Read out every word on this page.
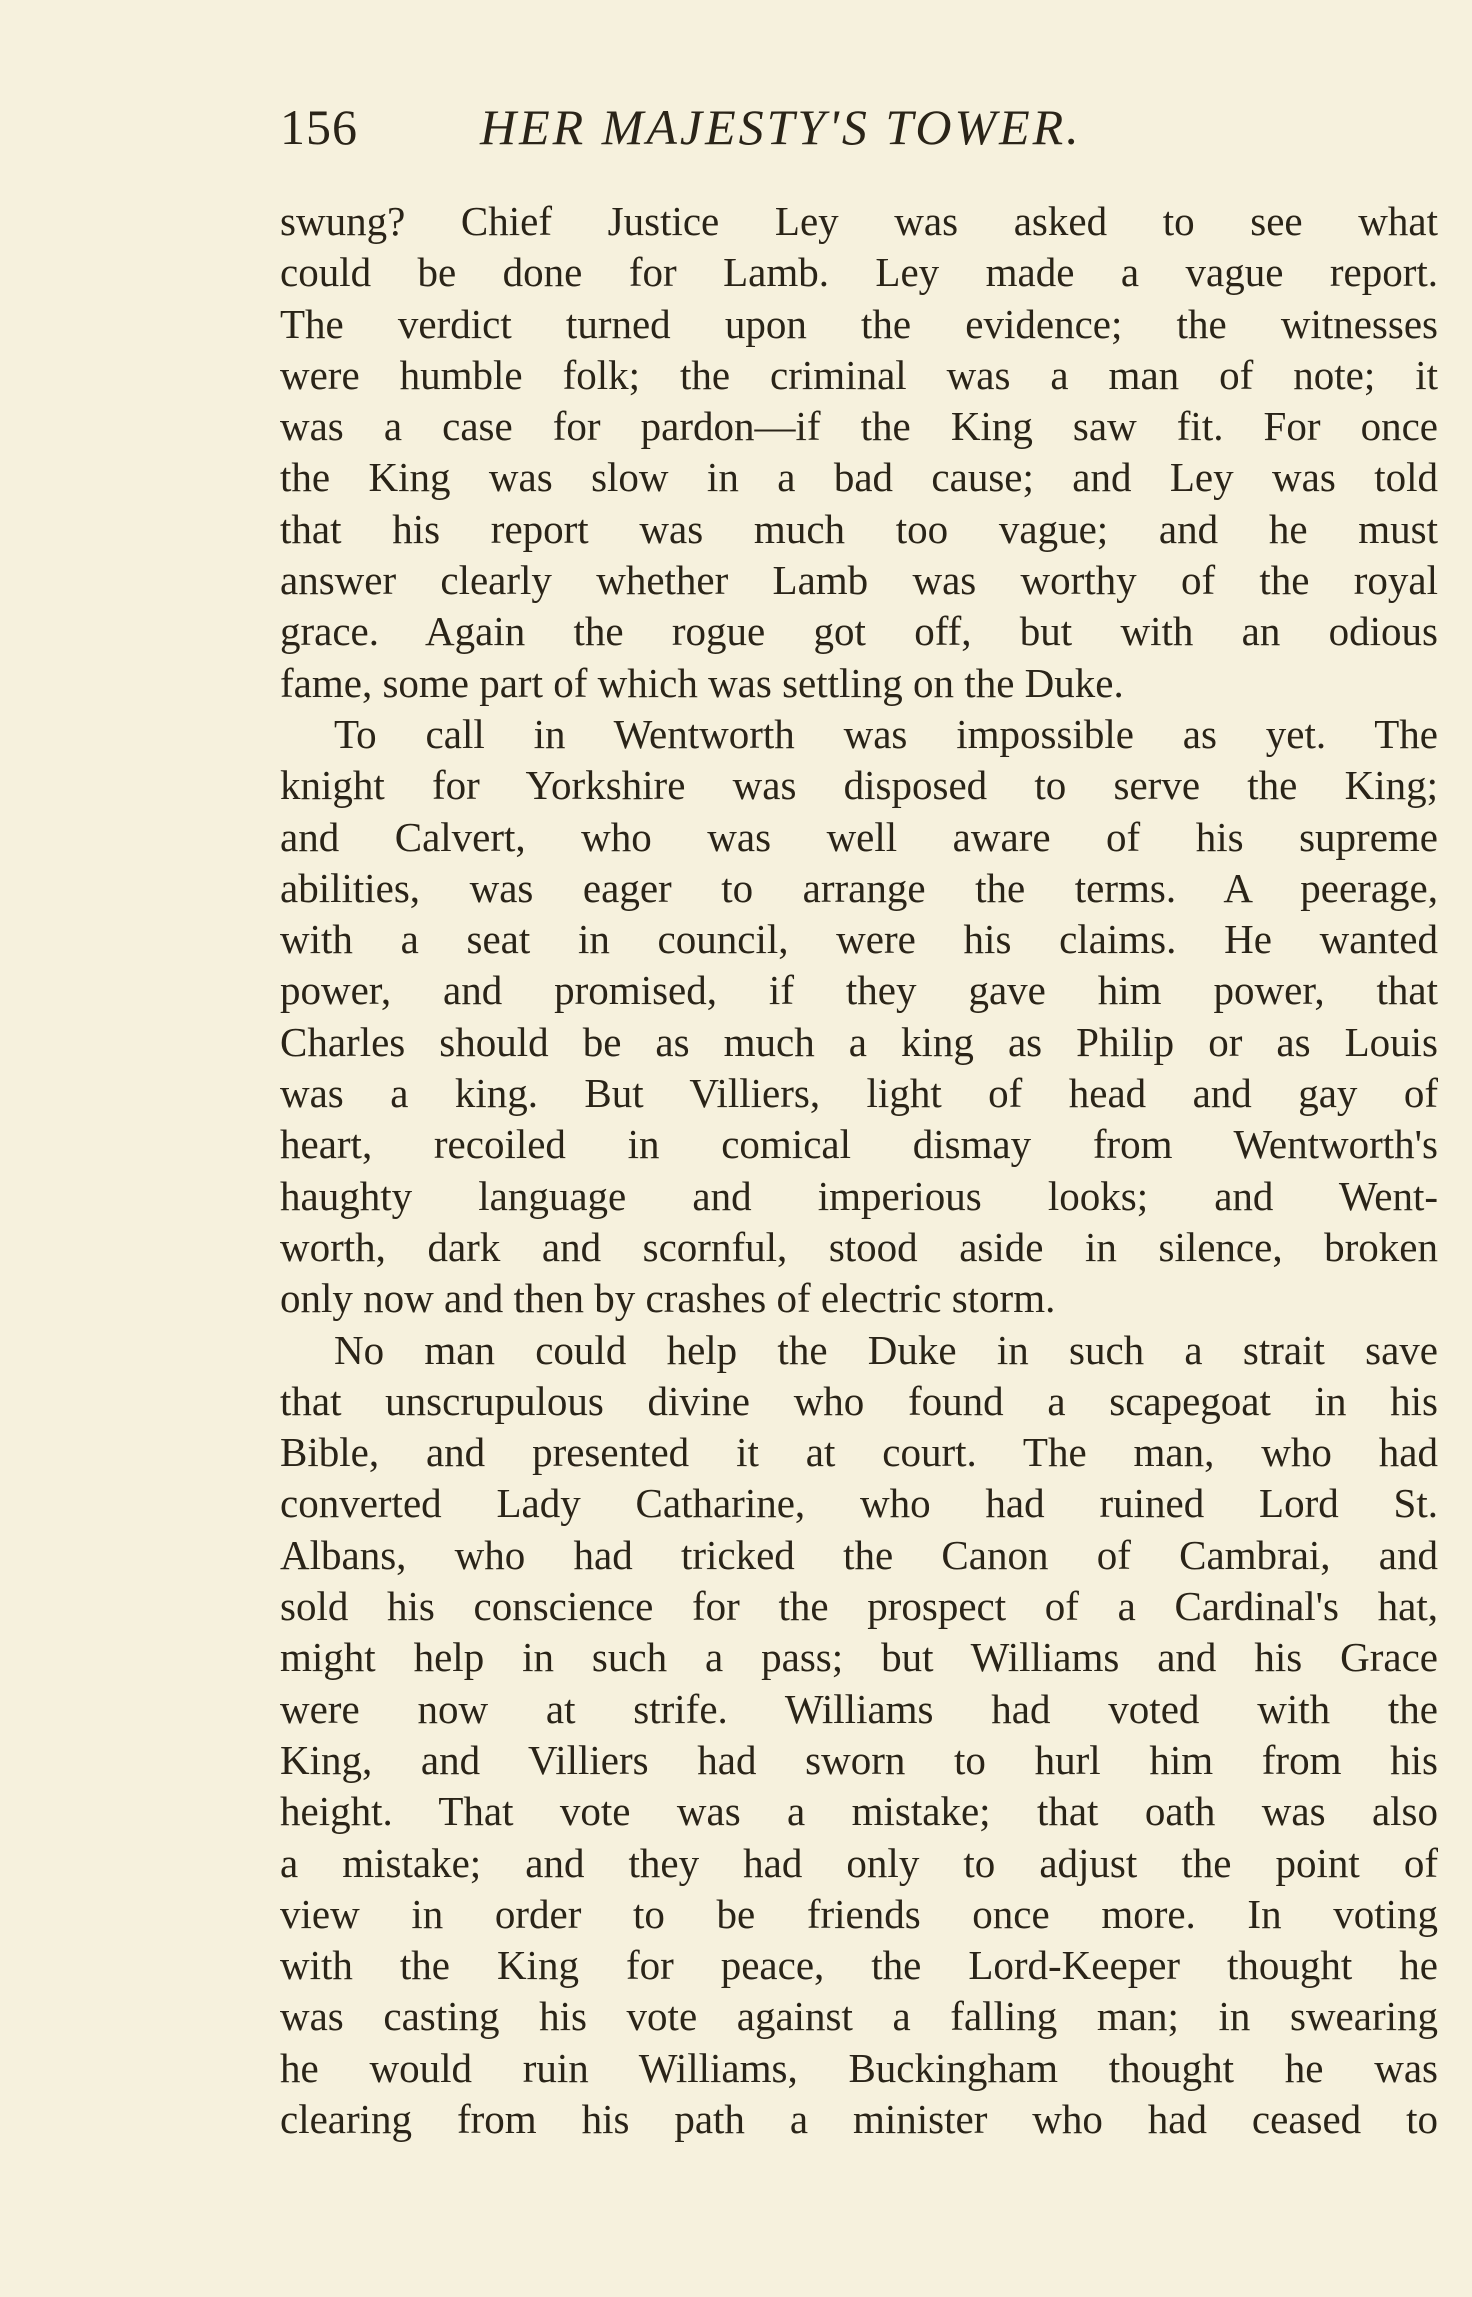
156 HER MAJESTY'S TOWER.
swung? Chief Justice Ley was asked to see what
could be done for Lamb. Ley made a vague report.
The verdict turned upon the evidence; the witnesses
were humble folk; the criminal was a man of note; it
was a case for pardon—if the King saw fit. For once
the King was slow in a bad cause; and Ley was told
that his report was much too vague; and he must
answer clearly whether Lamb was worthy of the royal
grace. Again the rogue got off, but with an odious
fame, some part of which was settling on the Duke.
To call in Wentworth was impossible as yet. The
knight for Yorkshire was disposed to serve the King;
and Calvert, who was well aware of his supreme
abilities, was eager to arrange the terms. A peerage,
with a seat in council, were his claims. He wanted
power, and promised, if they gave him power, that
Charles should be as much a king as Philip or as Louis
was a king. But Villiers, light of head and gay of
heart, recoiled in comical dismay from Wentworth's
haughty language and imperious looks; and Went-
worth, dark and scornful, stood aside in silence, broken
only now and then by crashes of electric storm.
No man could help the Duke in such a strait save
that unscrupulous divine who found a scapegoat in his
Bible, and presented it at court. The man, who had
converted Lady Catharine, who had ruined Lord St.
Albans, who had tricked the Canon of Cambrai, and
sold his conscience for the prospect of a Cardinal's hat,
might help in such a pass; but Williams and his Grace
were now at strife. Williams had voted with the
King, and Villiers had sworn to hurl him from his
height. That vote was a mistake; that oath was also
a mistake; and they had only to adjust the point of
view in order to be friends once more. In voting
with the King for peace, the Lord-Keeper thought he
was casting his vote against a falling man; in swearing
he would ruin Williams, Buckingham thought he was
clearing from his path a minister who had ceased to
